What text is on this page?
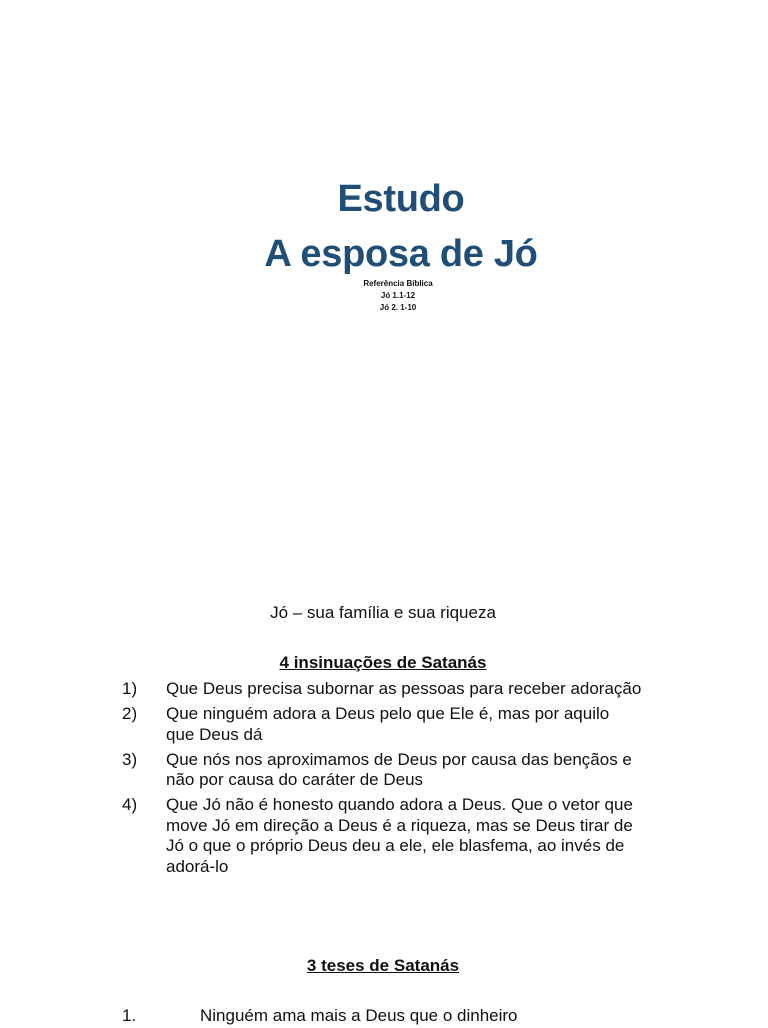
Estudo
A esposa de Jó
Referência Bíblica
Jó 1.1-12
Jó 2. 1-10
Jó – sua família e sua riqueza
4 insinuações de Satanás
1) Que Deus precisa subornar as pessoas para receber adoração
2) Que ninguém adora a Deus pelo que Ele é, mas por aquilo que Deus dá
3) Que nós nos aproximamos de Deus por causa das bençãos e não por causa do caráter de Deus
4) Que Jó não é honesto quando adora a Deus. Que o vetor que move Jó em direção a Deus é a riqueza, mas se Deus tirar de Jó o que o próprio Deus deu a ele, ele blasfema, ao invés de adorá-lo
3 teses de Satanás
1.	Ninguém ama mais a Deus que o dinheiro
